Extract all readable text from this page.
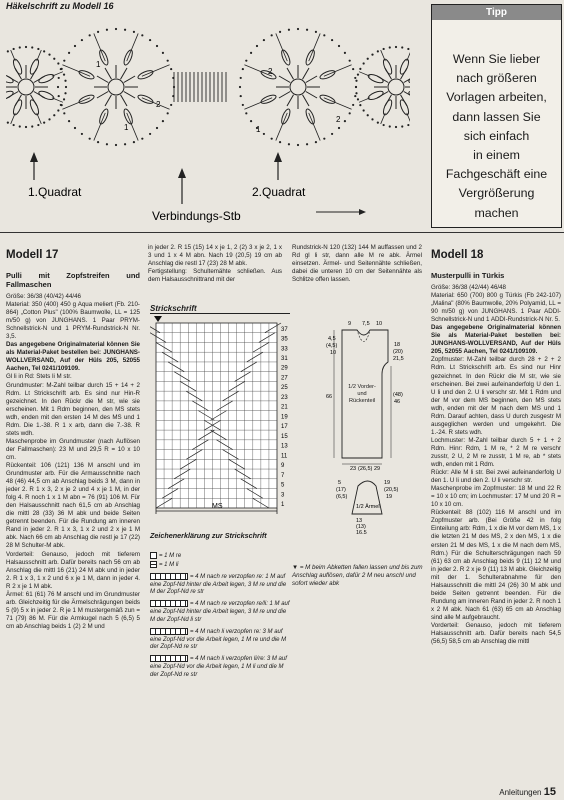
Häkelschrift zu Modell 16
1
2
1
2
2
1
1.Quadrat	2.Quadrat
Verbindungs-Stb
Tipp
Wenn Sie lieber
nach größeren
Vorlagen arbeiten,
dann lassen Sie
sich einfach
in einem
Fachgeschäft eine
Vergrößerung
machen
Modell 17
Pulli mit Zopfstreifen und Fallmaschen

Größe: 36/38 (40/42) 44/46

Material: 350 (400) 450 g Aqua meliert (Fb. 210-864) „Cotton Plus" (100% Baumwolle, LL = 125 m/50 g) von JUNGHANS. 1 Paar PRYM-Schnellstrick-N und 1 PRYM-Rundstrick-N Nr. 3,5.

Das angegebene Originalmaterial können Sie als Material-Paket bestellen bei: JUNGHANS-WOLLVERSAND, Auf der Hüls 205, 52055 Aachen, Tel 0241/109109.

Gl li in Rd: Stets li M str.

Grundmuster: M-Zahl teilbar durch 15 + 14 + 2 Rdm. Lt Strickschrift arb. Es sind nur Hin-R gezeichnet. In den Rückr die M str, wie sie erscheinen. Mit 1 Rdm beginnen, den MS stets wdh, enden mit den ersten 14 M des MS und 1 Rdm. Die 1.-38. R 1 x arb, dann die 7.-38. R stets wdh.

Maschenprobe im Grundmuster (nach Auflösen der Fallmaschen): 23 M und 29,5 R = 10 x 10 cm.

Rückenteil: 106 (121) 136 M anschl und im Grundmuster arb. Für die Armausschnitte nach 48 (46) 44,5 cm ab Anschlag beids 3 M, dann in jeder 2. R 1 x 3, 2 x je 2 und 4 x je 1 M, in der folg 4. R noch 1 x 1 M abn = 76 (91) 106 M. Für den Halsausschnitt nach 61,5 cm ab Anschlag die mittl 28 (33) 36 M abk und beide Seiten getrennt beenden. Für die Rundung am inneren Rand in jeder 2. R 1 x 3, 1 x 2 und 2 x je 1 M abk. Nach 66 cm ab Anschlag die restl je 17 (22) 28 M Schulter-M abk.

Vorderteil: Genauso, jedoch mit tieferem Halsausschnitt arb. Dafür bereits nach 56 cm ab Anschlag die mittl 16 (21) 24 M abk und in jeder 2. R 1 x 3, 1 x 2 und 6 x je 1 M, dann in jeder 4. R 2 x je 1 M abk.

Ärmel: 61 (61) 76 M anschl und im Grundmuster arb. Gleichzeitig für die Ärmelschrägungen beids 5 (9) 5 x in jeder 2. R je 1 M mustergemäß zun = 71 (79) 86 M. Für die Armkugel nach 5 (6,5) 5 cm ab Anschlag beids 1 (2) 2 M und

in jeder 2. R 15 (15) 14 x je 1, 2 (2) 3 x je 2, 1 x 3 und 1 x 4 M abn. Nach 19 (20,5) 19 cm ab Anschlag die restl 17 (23) 28 M abk.

Fertigstellung: Schultemähte schließen. Aus dem Halsausschnittrand mit der

Rundstrick-N 120 (132) 144 M auffassen und 2 Rd gl li str, dann alle M re abk. Ärmel einsetzen. Ärmel- und Seitennähte schließen, dabei die unteren 10 cm der Seitennähte als Schlitze offen lassen.

Strickschrift
37
35
33
31
29
27
25
23
21
19
17
15
13
11
9
7
5
3
1
MS
9 7,5 10
4,5
(4,5)
10
18
(20)
21,5
(48)
46
66
1/2 Vorder- und Rückenteil
23 (26,5) 29
1/2 Ärmel
19
(20,5)
19
5
(17)
(6,5)
13
(13)
16,5
Zeichenerklärung zur Strickschrift
= 1 M re
= 1 M li
= 4 M nach re verzopfen re: 1 M auf eine Zopf-Nd hinter die Arbeit legen, 3 M re und die M der Zopf-Nd re str
= 4 M nach re verzopfen re/li: 1 M auf eine Zopf-Nd hinter die Arbeit legen, 3 M re und die M der Zopf-Nd li str
= 4 M nach li verzopfen re: 3 M auf eine Zopf-Nd vor die Arbeit legen, 1 M re und die M der Zopf-Nd re str
= 4 M nach li verzopfen li/re: 3 M auf eine Zopf-Nd vor die Arbeit legen, 1 M li und die M der Zopf-Nd re str
▼ = M beim Abketten fallen lassen und bis zum Anschlag auflösen, dafür 2 M neu anschl und sofort wieder abk
Modell 18
Musterpulli in Türkis

Größe: 36/38 (42/44) 46/48

Material: 650 (700) 800 g Türkis (Fb 242-107) „Malina" (80% Baumwolle, 20% Polyamid, LL = 90 m/50 g) von JUNGHANS. 1 Paar ADDI-Schnellstrick-N und 1 ADDI-Rundstrick-N Nr. 5.

Das angegebene Originalmaterial können Sie als Material-Paket bestellen bei: JUNGHANS-WOLLVERSAND, Auf der Hüls 205, 52055 Aachen, Tel 0241/109109.

Zopfmuster: M-Zahl teilbar durch 28 + 2 + 2 Rdm. Lt Strickschrift arb. Es sind nur Hinr gezeichnet. In den Rückr die M str, wie sie erscheinen. Bei zwei aufeinanderfolg U den 1. U li und den 2. U li verschr str. Mit 1 Rdm und der M vor dem MS beginnen, den MS stets wdh, enden mit der M nach dem MS und 1 Rdm. Darauf achten, dass U durch zusgestr M ausgeglichen werden und umgekehrt. Die 1.-24. R stets wdh.

Lochmuster: M-Zahl teilbar durch 5 + 1 + 2 Rdm. Hinr: Rdm, 1 M re, * 2 M re verschr zusstr, 2 U, 2 M re zusstr, 1 M re, ab * stets wdh, enden mit 1 Rdm.

Rückr: Alle M li str. Bei zwei aufeinanderfolg U den 1. U li und den 2. U li verschr str.

Maschenprobe im Zopfmuster: 18 M und 22 R = 10 x 10 cm; im Lochmuster: 17 M und 20 R = 10 x 10 cm.

Rückenteil: 88 (102) 116 M anschl und im Zopfmuster arb. (Bei Größe 42 in folg Einteilung arb: Rdm, 1 x die M vor dem MS, 1 x die letzten 21 M des MS, 2 x den MS, 1 x die ersten 21 M des MS, 1 x die M nach dem MS, Rdm.) Für die Schulterschrägungen nach 59 (61) 63 cm ab Anschlag beids 9 (11) 12 M und in jeder 2. R 2 x je 9 (11) 13 M abk. Gleichzeitig mit der 1. Schulterabnahme für den Halsausschnitt die mittl 24 (26) 30 M abk und beide Seiten getrennt beenden. Für die Rundung am inneren Rand in jeder 2. R noch 1 x 2 M abk. Nach 61 (63) 65 cm ab Anschlag sind alle M aufgebraucht.

Vorderteil: Genauso, jedoch mit tieferem Halsausschnitt arb. Dafür bereits nach 54,5 (56,5) 58,5 cm ab Anschlag die mittl

Anleitungen 15
